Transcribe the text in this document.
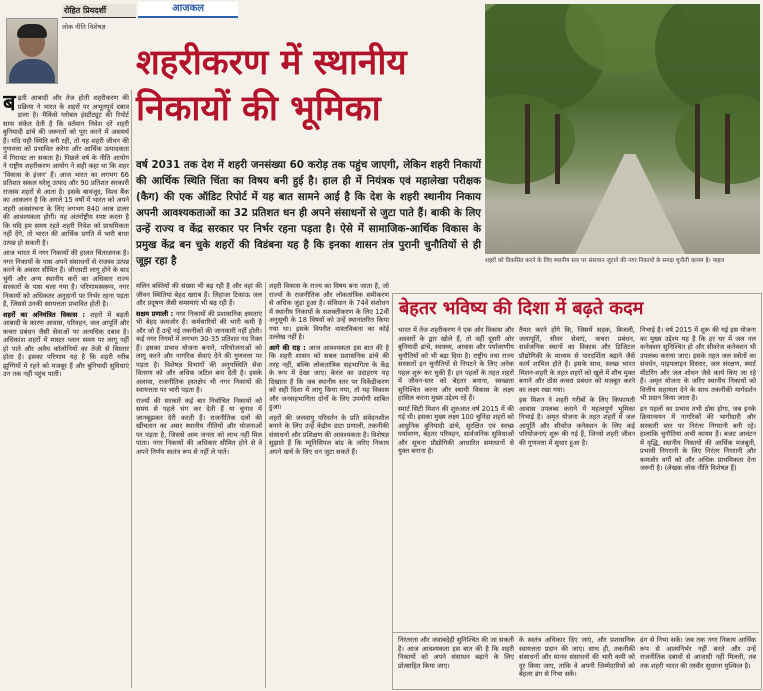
रोहित प्रियदर्शी
लोक नीति विशेषज्ञ
आजकल
शहरीकरण में स्थानीय निकायों की भूमिका
वर्ष 2031 तक देश में शहरी जनसंख्या 60 करोड़ तक पहुंच जाएगी, लेकिन शहरी निकायों की आर्थिक स्थिति चिंता का विषय बनी हुई है। हाल ही में नियंत्रक एवं महालेखा परीक्षक (कैग) की एक ऑडिट रिपोर्ट में यह बात सामने आई है कि देश के शहरी स्थानीय निकाय अपनी आवश्यकताओं का 32 प्रतिशत धन ही अपने संसाधनों से जुटा पाते हैं। बाकी के लिए उन्हें राज्य व केंद्र सरकार पर निर्भर रहना पड़ता है। ऐसे में सामाजिक-आर्थिक विकास के प्रमुख केंद्र बन चुके शहरों की विडंबना यह है कि इनका शासन तंत्र पुरानी चुनौतियों से ही जूझ रहा है	शहरों को विकसित करने के लिए स्थानीय स्तर पर संसाधन जुटाने की नगर निकायों के समक्ष चुनौती कायम है। पाइल

बढ़ती आबादी और तेज होती शहरीकरण की प्रक्रिया ने भारत के शहरों पर अभूतपूर्व दबाव डाला है। मैकिंसे ग्लोबल इंस्टीट्यूट की रिपोर्ट साफ संकेत देती है कि वर्तमान निवेश दरें शहरी बुनियादी ढांचे की जरूरतों को पूरा करने में असमर्थ हैं। यदि यही स्थिति बनी रही, तो यह शहरी जीवन की गुणवत्ता को प्रभावित करेगा और आर्थिक उत्पादकता में गिरावट ला सकता है। पिछले वर्ष के नीति आयोग ने राष्ट्रीय शहरीकरण आयोग ने सही कहा था कि शहर 'विकास के इंजन' हैं। आज भारत का लगभग 66 प्रतिशत सकल घरेलू उत्पाद और 90 प्रतिशत सरकारी राजस्व शहरों से आता है। इसके बावजूद, विश्व बैंक का आकलन है कि अगले 15 वर्षों में भारत को अपने शहरी अवसंरचना के लिए लगभग 840 अरब डालर की आवश्यकता होगी। यह अंतर्राष्ट्रीय स्पष्ट करता है कि यदि हम समय रहते शहरी निवेश को प्राथमिकता नहीं देंगे, तो भारत की आर्थिक प्रगति में भारी बाधा उत्पन्न हो सकती है।

आज भारत में नगर निकायों की हालत चिंताजनक है। नगर निकायों के पास अपने संसाधनों से राजस्व उत्पन्न करने के अवसर सीमित हैं। जीएसटी लागू होने के बाद चुंगी और अन्य स्थानीय करों का अधिकार राज्य सरकारों के पास चला गया है। परिणामस्वरूप, नगर निकायों को अधिकतर अनुदानों पर निर्भर रहना पड़ता है, जिससे उनकी स्वायत्तता प्रभावित होती है।

शहरों का अनियंत्रित विकास : शहरों में बढ़ती आबादी के कारण आवास, परिवहन, जल आपूर्ति और कचरा प्रबंधन जैसी सेवाओं पर अत्यधिक दबाव है। अधिकांश शहरों में मास्टर प्लान समय पर लागू नहीं हो पाते और अवैध कॉलोनियों का तेजी से विस्तार होता है। इसका परिणाम यह है कि शहरी गरीब झुग्गियों में रहने को मजबूर हैं और बुनियादी सुविधाएं उन तक नहीं पहुंच पातीं।

मलिन बस्तियों की संख्या भी बढ़ रही है और वहां की जीवन स्थितियां बेहद खराब हैं। लिहाजा टिकाऊ जल और प्रदूषण जैसी समस्याएं भी बढ़ रही हैं।

सक्षम प्रणाली : नगर निकायों की प्रशासनिक क्षमताएं भी बेहद कमजोर हैं। कर्मचारियों की भारी कमी है और जो हैं उन्हें नई तकनीकों की जानकारी नहीं होती। कई नगर निगमों में लगभग 30-35 प्रतिशत पद रिक्त हैं। इसका प्रभाव योजना बनाने, परियोजनाओं को लागू करने और नागरिक सेवाएं देने की गुणवत्ता पर पड़ता है। विशेषज्ञ विभागों की अनुपस्थिति सेवा वितरण को और अधिक जटिल बना देती है। इसके अलावा, राजनीतिक हस्तक्षेप भी नगर निकायों की स्वायत्तता पर भारी पड़ता है।

राज्यों की सरकारें कई बार निर्वाचित निकायों को समय से पहले भंग कर देती हैं या चुनाव में जानबूझकर देरी करती हैं। राजनीतिक दलों की खींचतान का असर स्थानीय नीतियों और योजनाओं पर पड़ता है, जिससे आम जनता को लाभ नहीं मिल पाता। नगर निकायों की अधिकार सीमित होने से वे अपने निर्णय स्वतंत्र रूप से नहीं ले पाते।

शहरी विकास के राज्य का विषय बना जाता है, जो राज्यों के राजनीतिक और लोकतांत्रिक समीकरण से अधिक जुड़ा हुआ है। संविधान के 74वें संशोधन में स्थानीय निकायों के सशक्तीकरण के लिए 12वीं अनुसूची के 18 विषयों को उन्हें स्थानांतरित किया गया था। इसके विपरीत वास्तविकता का कोई उल्लेख नहीं है।

आगे की राह : आज आवश्यकता इस बात की है कि शहरी शासन को सबल प्रशासनिक ढांचे की तरह नहीं, बल्कि लोकतांत्रिक सहभागिता के केंद्र के रूप में देखा जाए। केरल का उदाहरण यह दिखाता है कि जब स्थानीय स्तर पर विकेंद्रीकरण को सही दिशा में लागू किया गया, तो यह विकास और जनसहभागिता दोनों के लिए उपयोगी साबित हुआ।

शहरों की जलवायु परिवर्तन के प्रति संवेदनशील बनाने के लिए उन्हें केंद्रीय डाटा प्रणाली, तकनीकी संसाधनों और प्रशिक्षण की आवश्यकता है। विशेषज्ञ सुझाते हैं कि म्यूनिसिपल बांड के जरिए निकाय अपने खर्च के लिए धन जुटा सकते हैं।

बेहतर भविष्य की दिशा में बढ़ते कदम

भारत में तेज शहरीकरण ने एक ओर विकास और अवसरों के द्वार खोले हैं, तो वहीं दूसरी ओर बुनियादी ढांचे, स्वास्थ्य, आवास और पर्यावरणीय चुनौतियों को भी बढ़ा दिया है। राष्ट्रीय तथा राज्य सरकारों इन चुनौतियों से निपटने के लिए अनेक पहल शुरू कर चुकी हैं। इन पहलों के तहत शहरों में जीवन-स्तर को बेहतर बनाना, स्वच्छता सुनिश्चित करना और स्थायी विकास के लक्ष्य हासिल करना मुख्य उद्देश्य रहे हैं।

स्मार्ट सिटी मिशन की शुरुआत वर्ष 2015 में की गई थी। इसका मुख्य लक्ष्य 100 चुनिंदा शहरों को आधुनिक बुनियादी ढांचे, सुरक्षित एवं स्वच्छ पर्यावरण, बेहतर परिवहन, सार्वजनिक सुविधाओं और सूचना प्रौद्योगिकी आधारित समाधानों से युक्त बनाना है।

तैयार करने होंगे कि, जिसमें सड़क, बिजली, जलापूर्ति, सीवर सेवाएं, कचरा प्रबंधन, सार्वजनिक स्थानों का विकास और डिजिटल प्रौद्योगिकी के माध्यम से पारदर्शिता बढ़ाने जैसे कार्य शामिल होते हैं। इसके साथ, स्वच्छ भारत मिशन-शहरी के तहत शहरों को खुले में शौच मुक्त बनाने और ठोस कचरा प्रबंधन को मजबूत करने का लक्ष्य रखा गया।

इस मिशन ने शहरी गरीबों के लिए किफायती आवास उपलब्ध कराने में महत्वपूर्ण भूमिका निभाई है। अमृत योजना के तहत शहरों में जल आपूर्ति और सीवरेज कनेक्शन के लिए कई परियोजनाएं शुरू की गई हैं, जिनसे शहरी जीवन की गुणवत्ता में सुधार हुआ है।

निभाई है। वर्ष 2015 में शुरू की गई इस योजना का मुख्य उद्देश्य यह है कि हर घर में जल नल कनेक्शन सुनिश्चित हो और सीवरेज कनेक्शन भी उपलब्ध कराया जाए। इसके तहत जल स्त्रोतों का संवर्धन, पाइपलाइन विस्तार, जल संरक्षण, स्मार्ट मीटरिंग और जल शोधन जैसे कार्य किए जा रहे हैं। अमृत योजना के जरिए स्थानीय निकायों को वित्तीय सहायता देने के साथ तकनीकी मार्गदर्शन भी प्रदान किया जाता है।

इन पहलों का प्रभाव तभी ठोस होगा, जब इनके क्रियान्वयन में नागरिकों की भागीदारी और सरकारी स्तर पर निरंतर निगरानी बनी रहे। हालांकि चुनौतियां अभी कायम हैं। बजट आवंटन में वृद्धि, स्थानीय निकायों की आर्थिक मजबूती, प्रभावी निगरानी के लिए निरंतर निगरानी और कमजोर वर्गों को और अधिक प्राथमिकता देना जरूरी है। (लेखक लोक नीति विशेषज्ञ हैं)

निरंतरता और जवाबदेही सुनिश्चित की जा सकती है। आज आवश्यकता इस बात की है कि शहरी निकायों को अपने संसाधन बढ़ाने के लिए प्रोत्साहित किया जाए।
के स्वतंत्र अधिकार दिए जाएं, और प्रशासनिक स्वायत्तता प्रदान की जाए। साथ ही, तकनीकी संसाधनों और मानव संसाधनों की भारी कमी को दूर किया जाए, ताकि वे अपनी जिम्मेदारियों को बेहतर ढंग से निभा सकें।
ढंग से निभा सकें। जब तक नगर निकाय आर्थिक रूप से आत्मनिर्भर नहीं बनते और उन्हें राजनीतिक दबावों से आजादी नहीं मिलती, तब तक शहरी भारत की तस्वीर सुधरना मुश्किल है।
